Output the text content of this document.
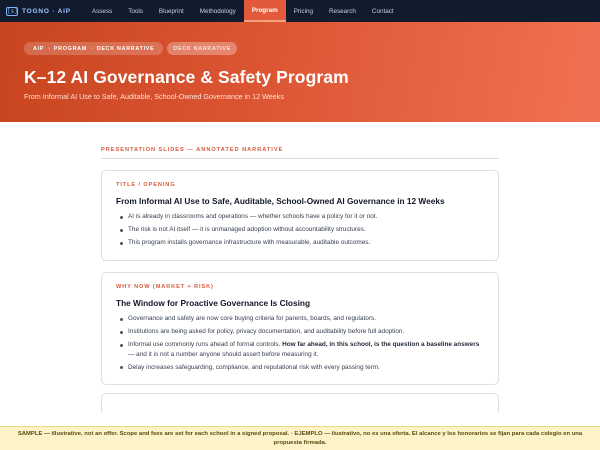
[s] TOGNO · AIP	Assess	Tools	Blueprint	Methodology	Program	Pricing	Research	Contact
AIP › PROGRAM › DECK NARRATIVE	DECK NARRATIVE
K–12 AI Governance & Safety Program

From Informal AI Use to Safe, Auditable, School-Owned Governance in 12 Weeks

PRESENTATION SLIDES — ANNOTATED NARRATIVE
TITLE / OPENING
From Informal AI Use to Safe, Auditable, School-Owned AI Governance in 12 Weeks
AI is already in classrooms and operations — whether schools have a policy for it or not.
The risk is not AI itself — it is unmanaged adoption without accountability structures.
This program installs governance infrastructure with measurable, auditable outcomes.
WHY NOW (MARKET + RISK)
The Window for Proactive Governance Is Closing
Governance and safety are now core buying criteria for parents, boards, and regulators.
Institutions are being asked for policy, privacy documentation, and auditability before full adoption.
Informal use commonly runs ahead of formal controls. How far ahead, in this school, is the question a baseline answers — and it is not a number anyone should assert before measuring it.
Delay increases safeguarding, compliance, and reputational risk with every passing term.

SAMPLE — illustrative, not an offer. Scope and fees are set for each school in a signed proposal. · EJEMPLO — ilustrativo, no es una oferta. El alcance y los honorarios se fijan para cada colegio en una propuesta firmada.
